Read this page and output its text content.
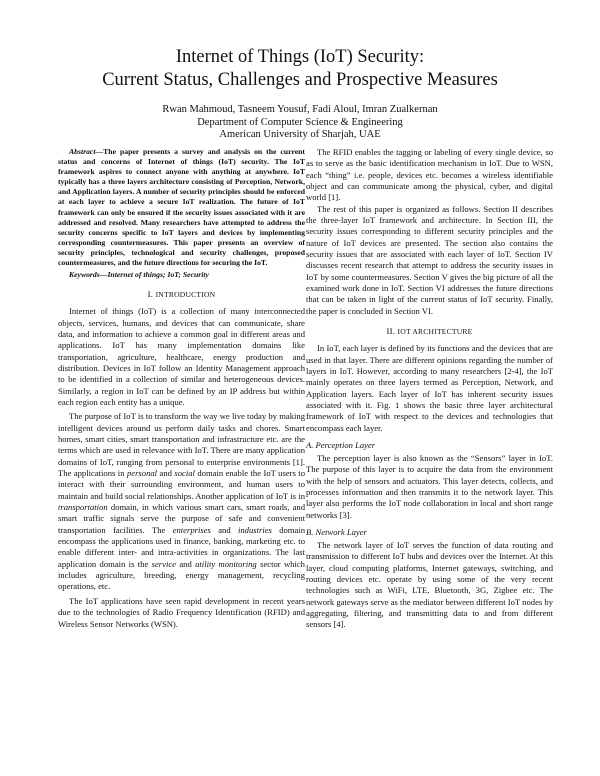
Internet of Things (IoT) Security:
Current Status, Challenges and Prospective Measures
Rwan Mahmoud, Tasneem Yousuf, Fadi Aloul, Imran Zualkernan
Department of Computer Science & Engineering
American University of Sharjah, UAE

Abstract—The paper presents a survey and analysis on the current status and concerns of Internet of things (IoT) security. The IoT framework aspires to connect anyone with anything at anywhere. IoT typically has a three layers architecture consisting of Perception, Network, and Application layers. A number of security principles should be enforced at each layer to achieve a secure IoT realization. The future of IoT framework can only be ensured if the security issues associated with it are addressed and resolved. Many researchers have attempted to address the security concerns specific to IoT layers and devices by implementing corresponding countermeasures. This paper presents an overview of security principles, technological and security challenges, proposed countermeasures, and the future directions for securing the IoT.

Keywords—Internet of things; IoT; Security

I. INTRODUCTION

Internet of things (IoT) is a collection of many interconnected objects, services, humans, and devices that can communicate, share data, and information to achieve a common goal in different areas and applications. IoT has many implementation domains like transportation, agriculture, healthcare, energy production and distribution. Devices in IoT follow an Identity Management approach to be identified in a collection of similar and heterogeneous devices. Similarly, a region in IoT can be defined by an IP address but within each region each entity has a unique.

The purpose of IoT is to transform the way we live today by making intelligent devices around us perform daily tasks and chores. Smart homes, smart cities, smart transportation and infrastructure etc. are the terms which are used in relevance with IoT. There are many application domains of IoT, ranging from personal to enterprise environments [1]. The applications in personal and social domain enable the IoT users to interact with their surrounding environment, and human users to maintain and build social relationships. Another application of IoT is in transportation domain, in which various smart cars, smart roads, and smart traffic signals serve the purpose of safe and convenient transportation facilities. The enterprises and industries domain encompass the applications used in finance, banking, marketing etc. to enable different inter- and intra-activities in organizations. The last application domain is the service and utility monitoring sector which includes agriculture, breeding, energy management, recycling operations, etc.

The IoT applications have seen rapid development in recent years due to the technologies of Radio Frequency Identification (RFID) and Wireless Sensor Networks (WSN).

The RFID enables the tagging or labeling of every single device, so as to serve as the basic identification mechanism in IoT. Due to WSN, each “thing” i.e. people, devices etc. becomes a wireless identifiable object and can communicate among the physical, cyber, and digital world [1].

The rest of this paper is organized as follows. Section II describes the three-layer IoT framework and architecture. In Section III, the security issues corresponding to different security principles and the nature of IoT devices are presented. The section also contains the security issues that are associated with each layer of IoT. Section IV discusses recent research that attempt to address the security issues in IoT by some countermeasures. Section V gives the big picture of all the examined work done in IoT. Section VI addresses the future directions that can be taken in light of the current status of IoT security. Finally, the paper is concluded in Section VI.

II. IOT ARCHITECTURE

In IoT, each layer is defined by its functions and the devices that are used in that layer. There are different opinions regarding the number of layers in IoT. However, according to many researchers [2-4], the IoT mainly operates on three layers termed as Perception, Network, and Application layers. Each layer of IoT has inherent security issues associated with it. Fig. 1 shows the basic three layer architectural framework of IoT with respect to the devices and technologies that encompass each layer.

A. Perception Layer

The perception layer is also known as the “Sensors” layer in IoT. The purpose of this layer is to acquire the data from the environment with the help of sensors and actuators. This layer detects, collects, and processes information and then transmits it to the network layer. This layer also performs the IoT node collaboration in local and short range networks [3].

B. Network Layer

The network layer of IoT serves the function of data routing and transmission to different IoT hubs and devices over the Internet. At this layer, cloud computing platforms, Internet gateways, switching, and routing devices etc. operate by using some of the very recent technologies such as WiFi, LTE, Bluetooth, 3G, Zigbee etc. The network gateways serve as the mediator between different IoT nodes by aggregating, filtering, and transmitting data to and from different sensors [4].
